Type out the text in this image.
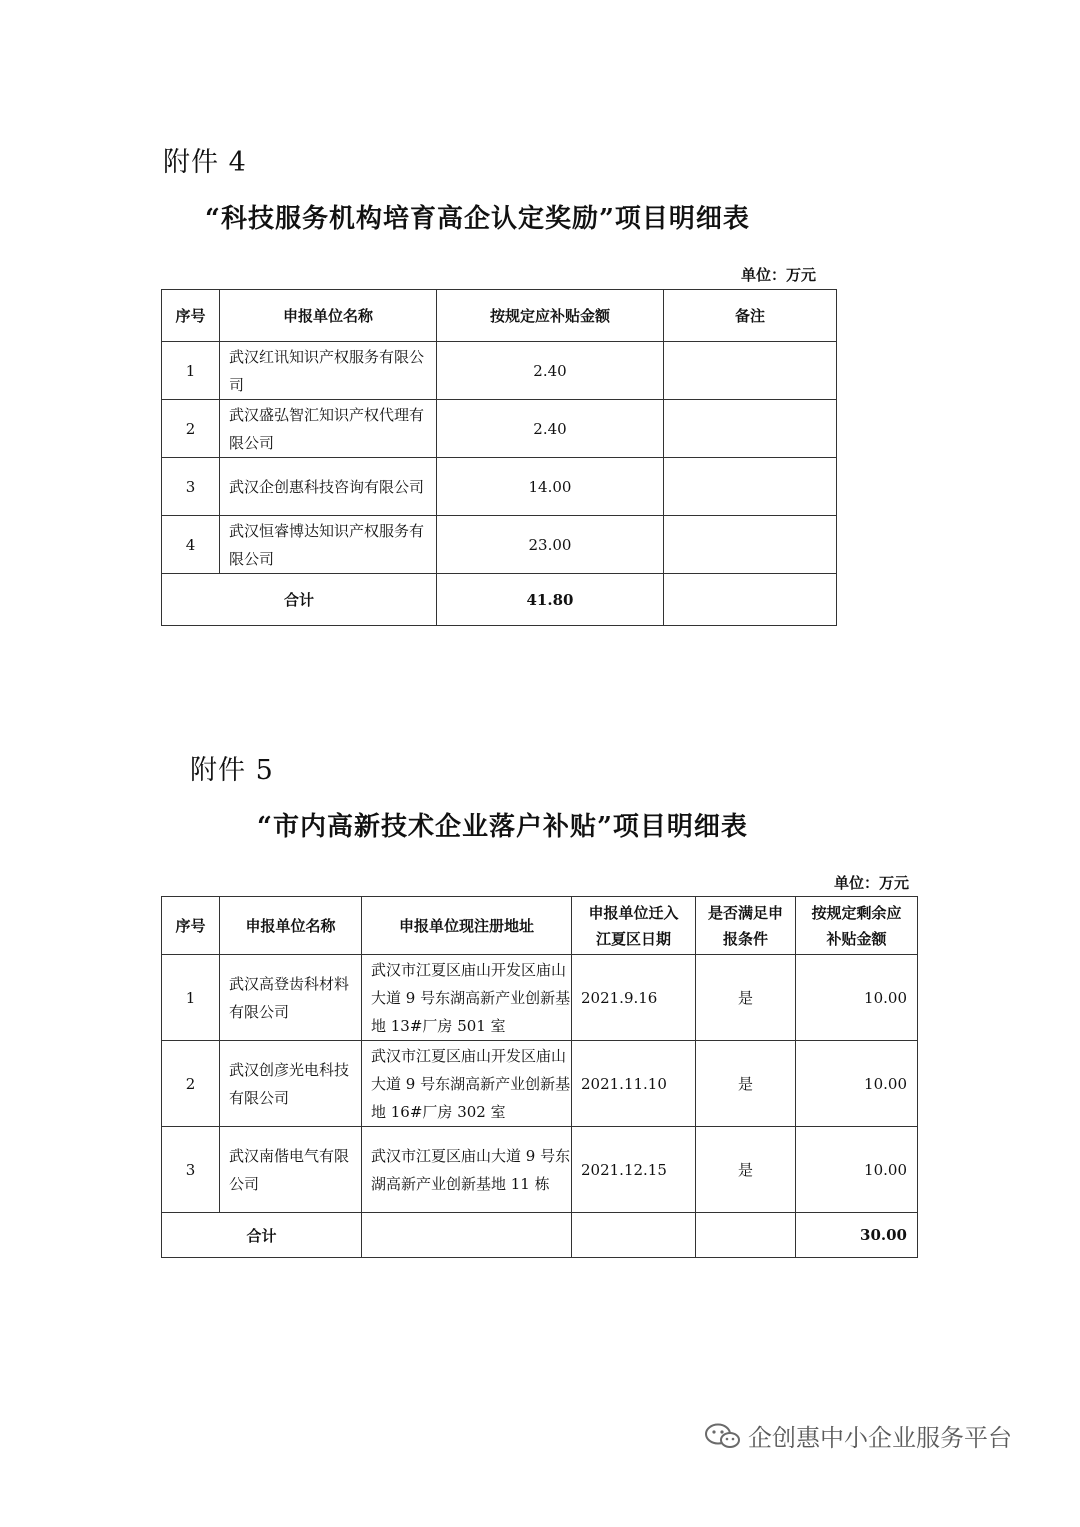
附件 4
“科技服务机构培育高企认定奖励”项目明细表
单位：万元
序号	申报单位名称	按规定应补贴金额	备注
1	武汉红讯知识产权服务有限公司	2.40	
2	武汉盛弘智汇知识产权代理有限公司	2.40	
3	武汉企创惠科技咨询有限公司	14.00	
4	武汉恒睿博达知识产权服务有限公司	23.00	
合计		41.80	
附件 5
“市内高新技术企业落户补贴”项目明细表
单位：万元
序号	申报单位名称	申报单位现注册地址	申报单位迁入江夏区日期	是否满足申报条件	按规定剩余应补贴金额
1	武汉高登齿科材料有限公司	武汉市江夏区庙山开发区庙山大道 9 号东湖高新产业创新基地 13#厂房 501 室	2021.9.16	是	10.00
2	武汉创彦光电科技有限公司	武汉市江夏区庙山开发区庙山大道 9 号东湖高新产业创新基地 16#厂房 302 室	2021.11.10	是	10.00
3	武汉南偕电气有限公司	武汉市江夏区庙山大道 9 号东湖高新产业创新基地 11 栋	2021.12.15	是	10.00
合计					30.00
企创惠中小企业服务平台
